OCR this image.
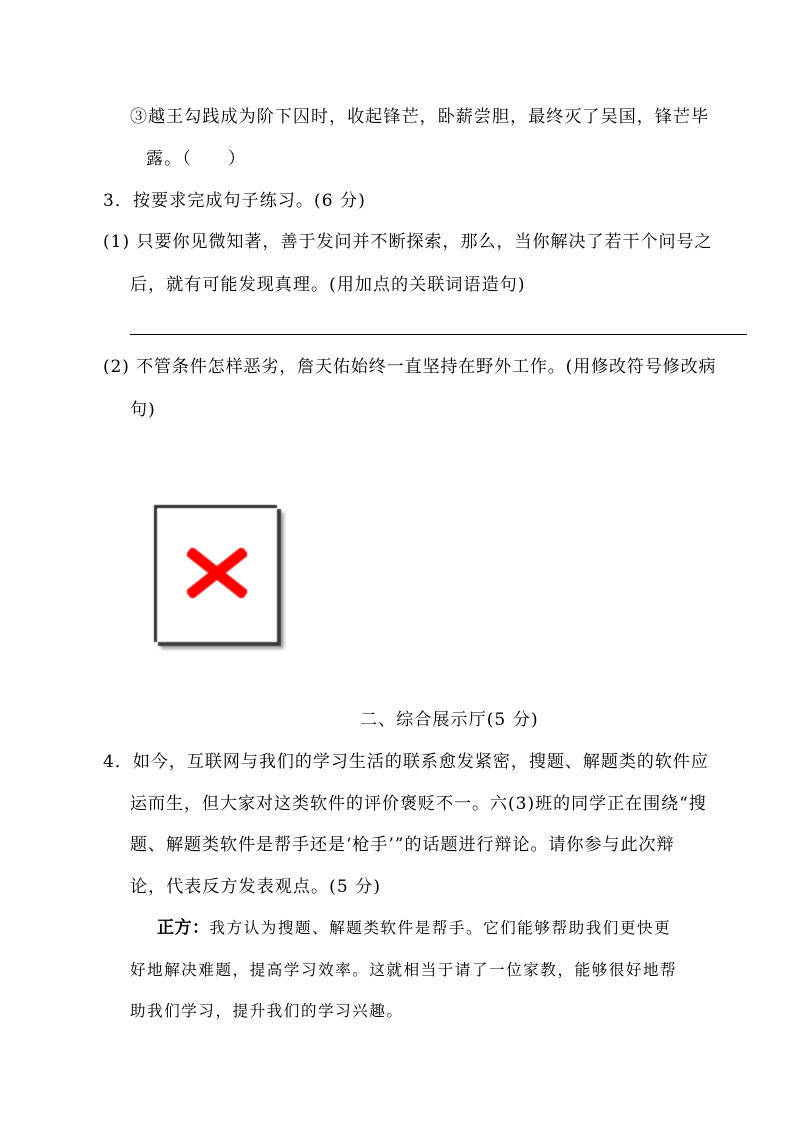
③越王勾践成为阶下囚时，收起锋芒，卧薪尝胆，最终灭了吴国，锋芒毕
露。（　　）
3．按要求完成句子练习。(6 分)
(1) 只要你见微知著，善于发问并不断探索，那么，当你解决了若干个问号之
后，就有可能发现真理。(用加点的关联词语造句)
(2) 不管条件怎样恶劣，詹天佑始终一直坚持在野外工作。(用修改符号修改病
句)
二、综合展示厅(5 分)
4．如今，互联网与我们的学习生活的联系愈发紧密，搜题、解题类的软件应
运而生，但大家对这类软件的评价褒贬不一。六(3)班的同学正在围绕“搜
题、解题类软件是帮手还是‘枪手’”的话题进行辩论。请你参与此次辩
论，代表反方发表观点。(5 分)
正方：我方认为搜题、解题类软件是帮手。它们能够帮助我们更快更
好地解决难题，提高学习效率。这就相当于请了一位家教，能够很好地帮
助我们学习，提升我们的学习兴趣。
